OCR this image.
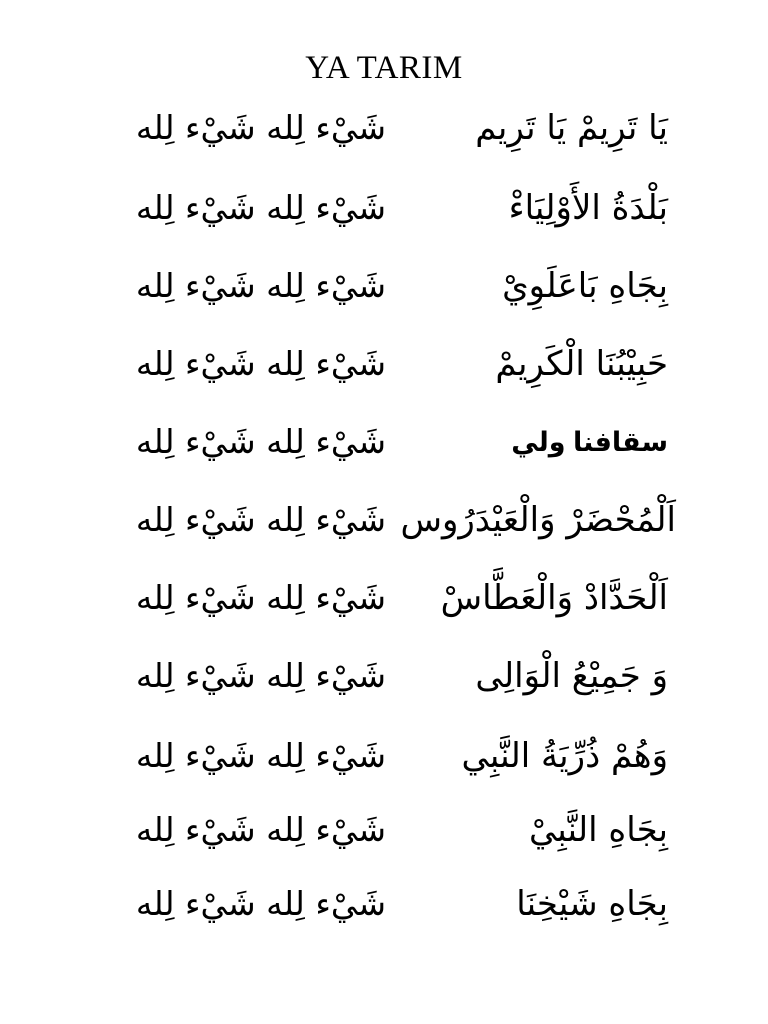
YA TARIM
يَا تَرِيمْ يَا تَرِيم
شَيْء لِله شَيْء لِله
بَلْدَةُ الأَوْلِيَاءْ
شَيْء لِله شَيْء لِله
بِجَاهِ بَاعَلَوِيْ
شَيْء لِله شَيْء لِله
حَبِيْبُنَا الْكَرِيمْ
شَيْء لِله شَيْء لِله
سقافنا ولي
شَيْء لِله شَيْء لِله
اَلْمُحْضَرْ وَالْعَيْدَرُوس
شَيْء لِله شَيْء لِله
اَلْحَدَّادْ وَالْعَطَّاسْ
شَيْء لِله شَيْء لِله
وَ جَمِيْعُ الْوَالِى
شَيْء لِله شَيْء لِله
وَهُمْ ذُرِّيَةُ النَّبِي
شَيْء لِله شَيْء لِله
بِجَاهِ النَّبِيْ
شَيْء لِله شَيْء لِله
بِجَاهِ شَيْخِنَا
شَيْء لِله شَيْء لِله
